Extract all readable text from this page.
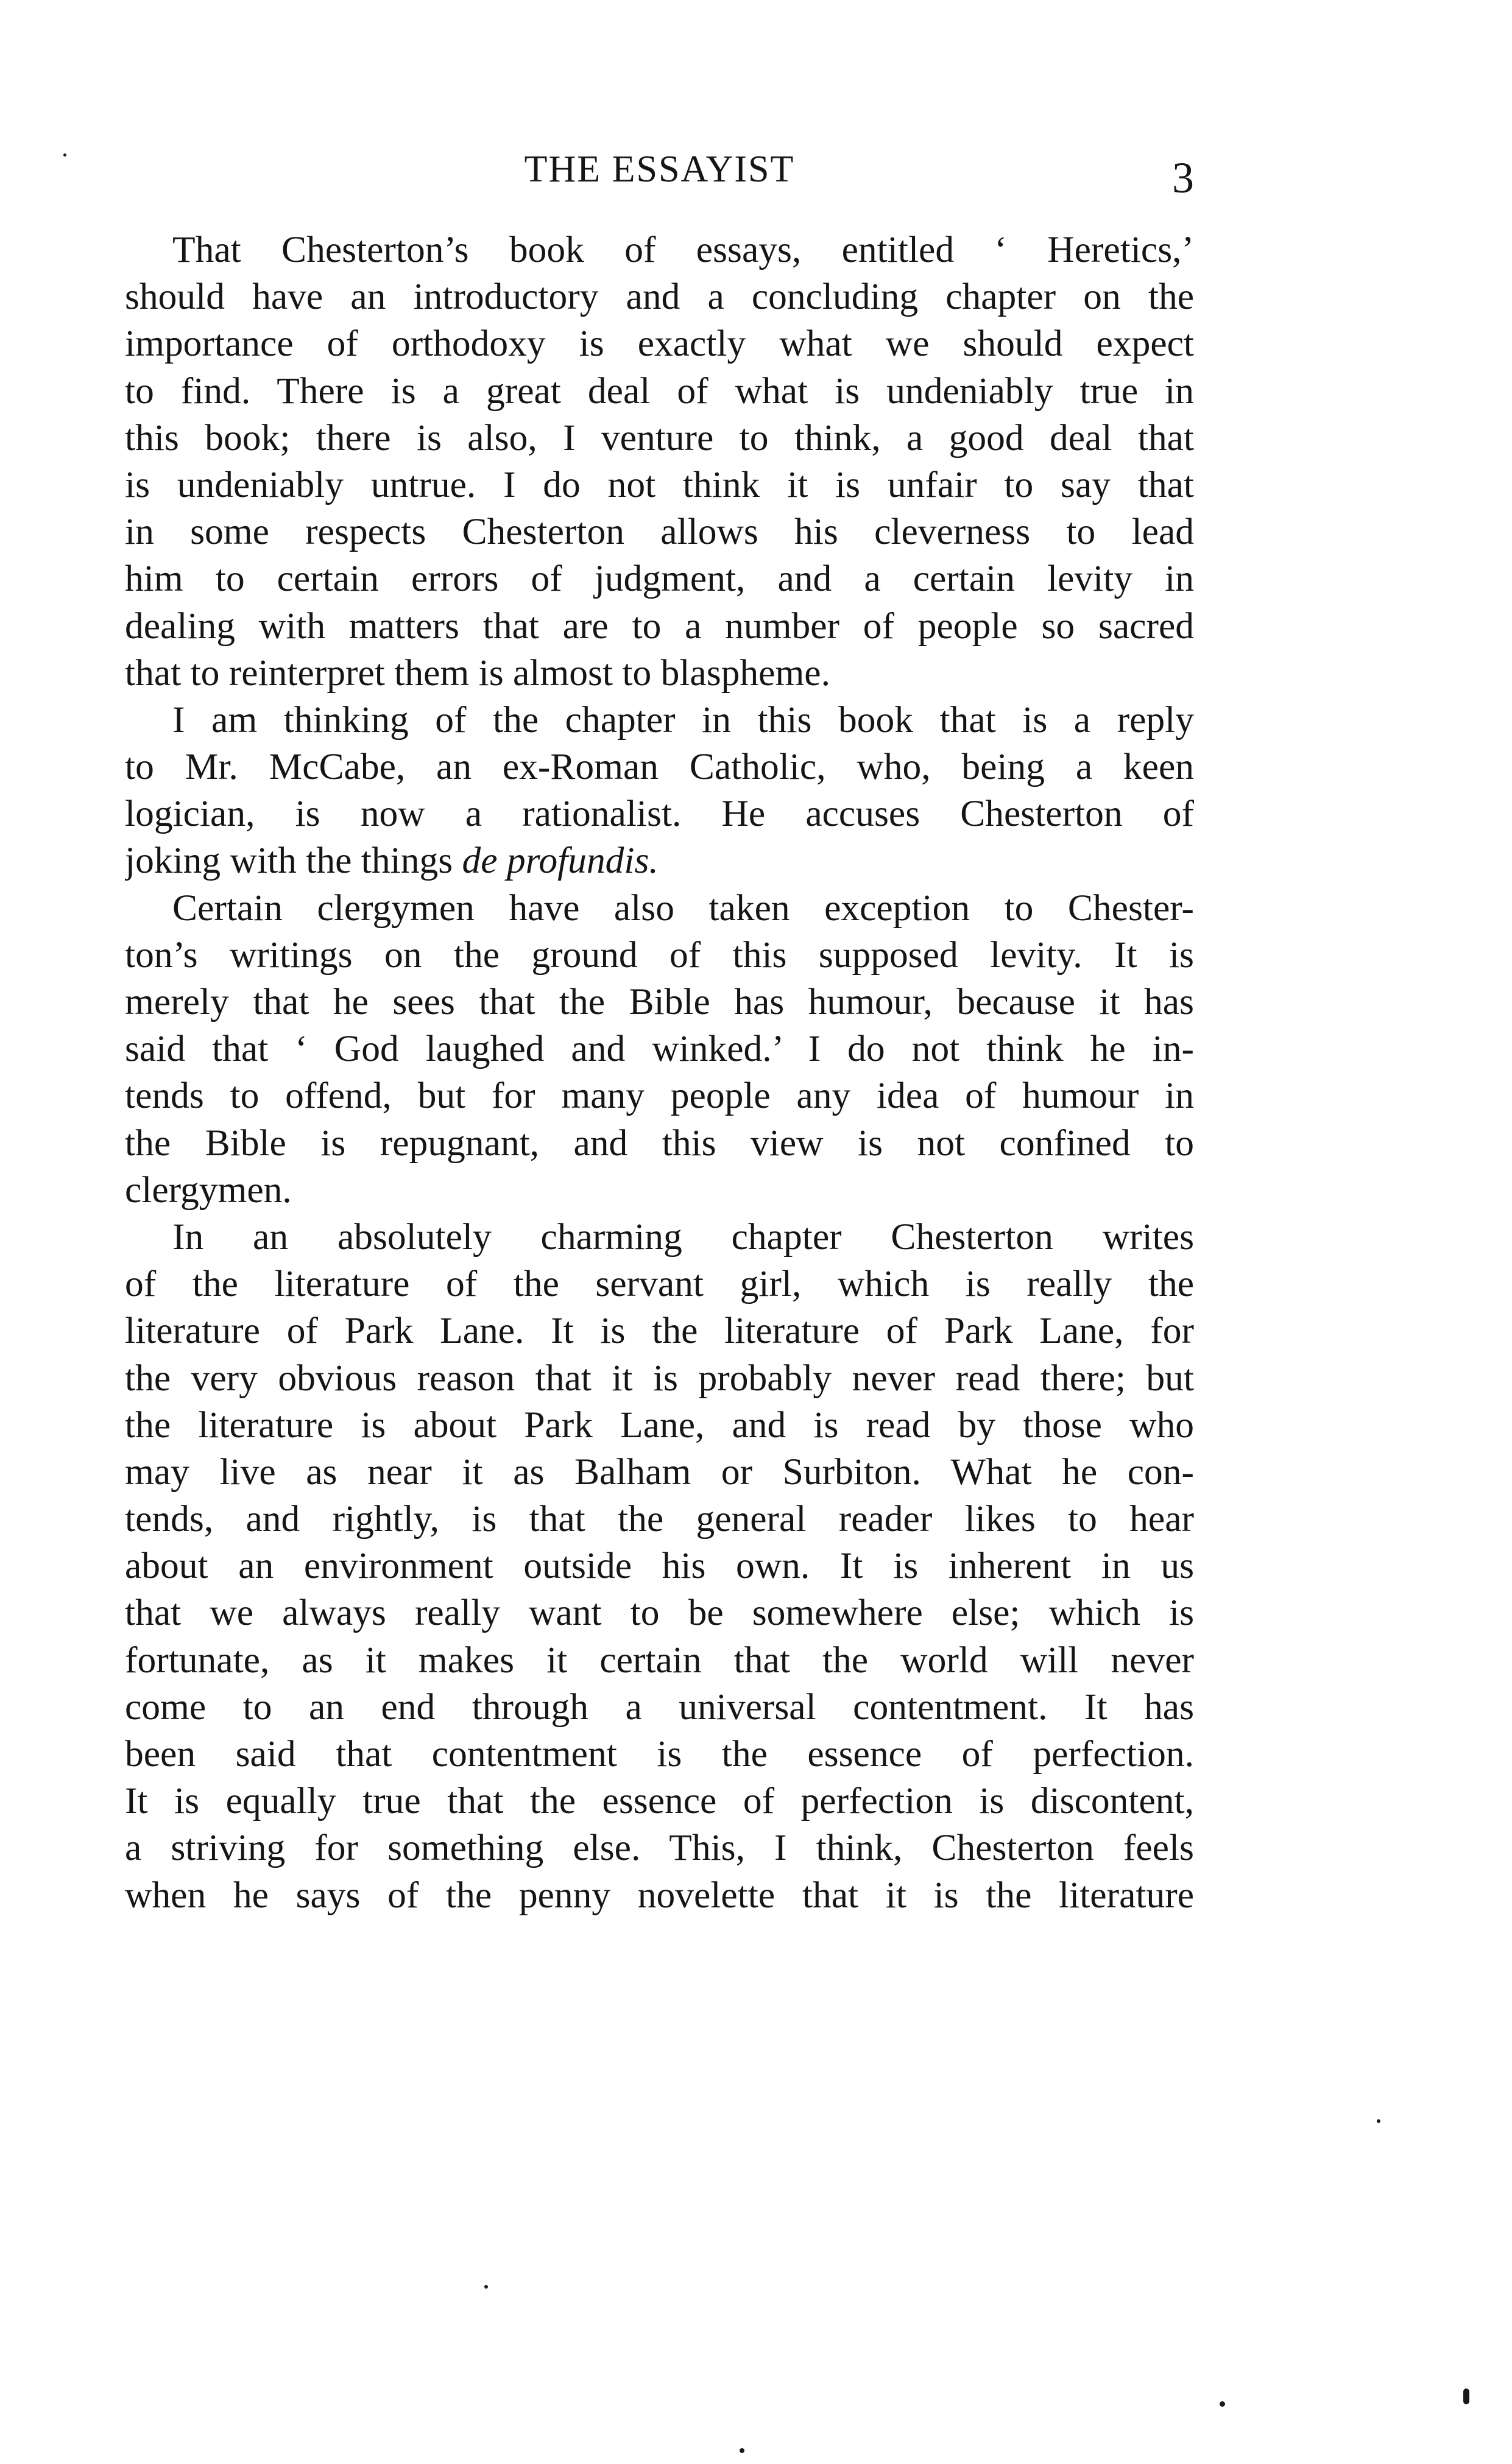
THE ESSAYIST	3
That Chesterton’s book of essays, entitled ‘ Heretics,’
should have an introductory and a concluding chapter on the
importance of orthodoxy is exactly what we should expect
to find. There is a great deal of what is undeniably true in
this book; there is also, I venture to think, a good deal that
is undeniably untrue. I do not think it is unfair to say that
in some respects Chesterton allows his cleverness to lead
him to certain errors of judgment, and a certain levity in
dealing with matters that are to a number of people so sacred
that to reinterpret them is almost to blaspheme.
I am thinking of the chapter in this book that is a reply
to Mr. McCabe, an ex-Roman Catholic, who, being a keen
logician, is now a rationalist. He accuses Chesterton of
joking with the things de profundis.
Certain clergymen have also taken exception to Chester-
ton’s writings on the ground of this supposed levity. It is
merely that he sees that the Bible has humour, because it has
said that ‘ God laughed and winked.’ I do not think he in-
tends to offend, but for many people any idea of humour in
the Bible is repugnant, and this view is not confined to
clergymen.
In an absolutely charming chapter Chesterton writes
of the literature of the servant girl, which is really the
literature of Park Lane. It is the literature of Park Lane, for
the very obvious reason that it is probably never read there; but
the literature is about Park Lane, and is read by those who
may live as near it as Balham or Surbiton. What he con-
tends, and rightly, is that the general reader likes to hear
about an environment outside his own. It is inherent in us
that we always really want to be somewhere else; which is
fortunate, as it makes it certain that the world will never
come to an end through a universal contentment. It has
been said that contentment is the essence of perfection.
It is equally true that the essence of perfection is discontent,
a striving for something else. This, I think, Chesterton feels
when he says of the penny novelette that it is the literature
